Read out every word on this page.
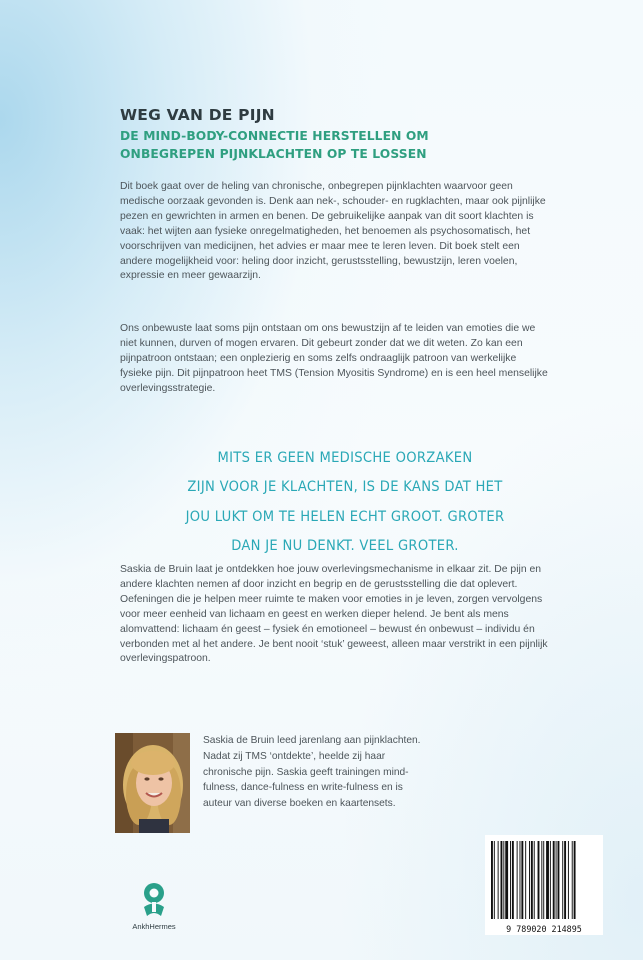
WEG VAN DE PIJN
DE MIND-BODY-CONNECTIE HERSTELLEN OM
ONBEGREPEN PIJNKLACHTEN OP TE LOSSEN

Dit boek gaat over de heling van chronische, onbegrepen pijnklachten waarvoor geen medische oorzaak gevonden is. Denk aan nek-, schouder- en rugklachten, maar ook pijnlijke pezen en gewrichten in armen en benen. De gebruikelijke aanpak van dit soort klachten is vaak: het wijten aan fysieke onregelmatigheden, het benoemen als psychosomatisch, het voorschrijven van medicijnen, het advies er maar mee te leren leven. Dit boek stelt een andere mogelijkheid voor: heling door inzicht, gerustsstelling, bewustzijn, leren voelen, expressie en meer gewaarzijn.

Ons onbewuste laat soms pijn ontstaan om ons bewustzijn af te leiden van emoties die we niet kunnen, durven of mogen ervaren. Dit gebeurt zonder dat we dit weten. Zo kan een pijnpatroon ontstaan; een onplezierig en soms zelfs ondraaglijk patroon van werkelijke fysieke pijn. Dit pijnpatroon heet TMS (Tension Myositis Syndrome) en is een heel menselijke overlevingsstrategie.

MITS ER GEEN MEDISCHE OORZAKEN
ZIJN VOOR JE KLACHTEN, IS DE KANS DAT HET
JOU LUKT OM TE HELEN ECHT GROOT. GROTER
DAN JE NU DENKT. VEEL GROTER.

Saskia de Bruin laat je ontdekken hoe jouw overlevingsmechanisme in elkaar zit. De pijn en andere klachten nemen af door inzicht en begrip en de gerustsstelling die dat oplevert. Oefeningen die je helpen meer ruimte te maken voor emoties in je leven, zorgen vervolgens voor meer eenheid van lichaam en geest en werken dieper helend. Je bent als mens alomvattend: lichaam én geest – fysiek én emotioneel – bewust én onbewust – individu én verbonden met al het andere. Je bent nooit ‘stuk’ geweest, alleen maar verstrikt in een pijnlijk overlevingspatroon.

Saskia de Bruin leed jarenlang aan pijnklachten. Nadat zij TMS ‘ontdekte’, heelde zij haar chronische pijn. Saskia geeft trainingen mind-fulness, dance-fulness en write-fulness en is auteur van diverse boeken en kaartensets.

AnkhHermes	9 789020 214895
